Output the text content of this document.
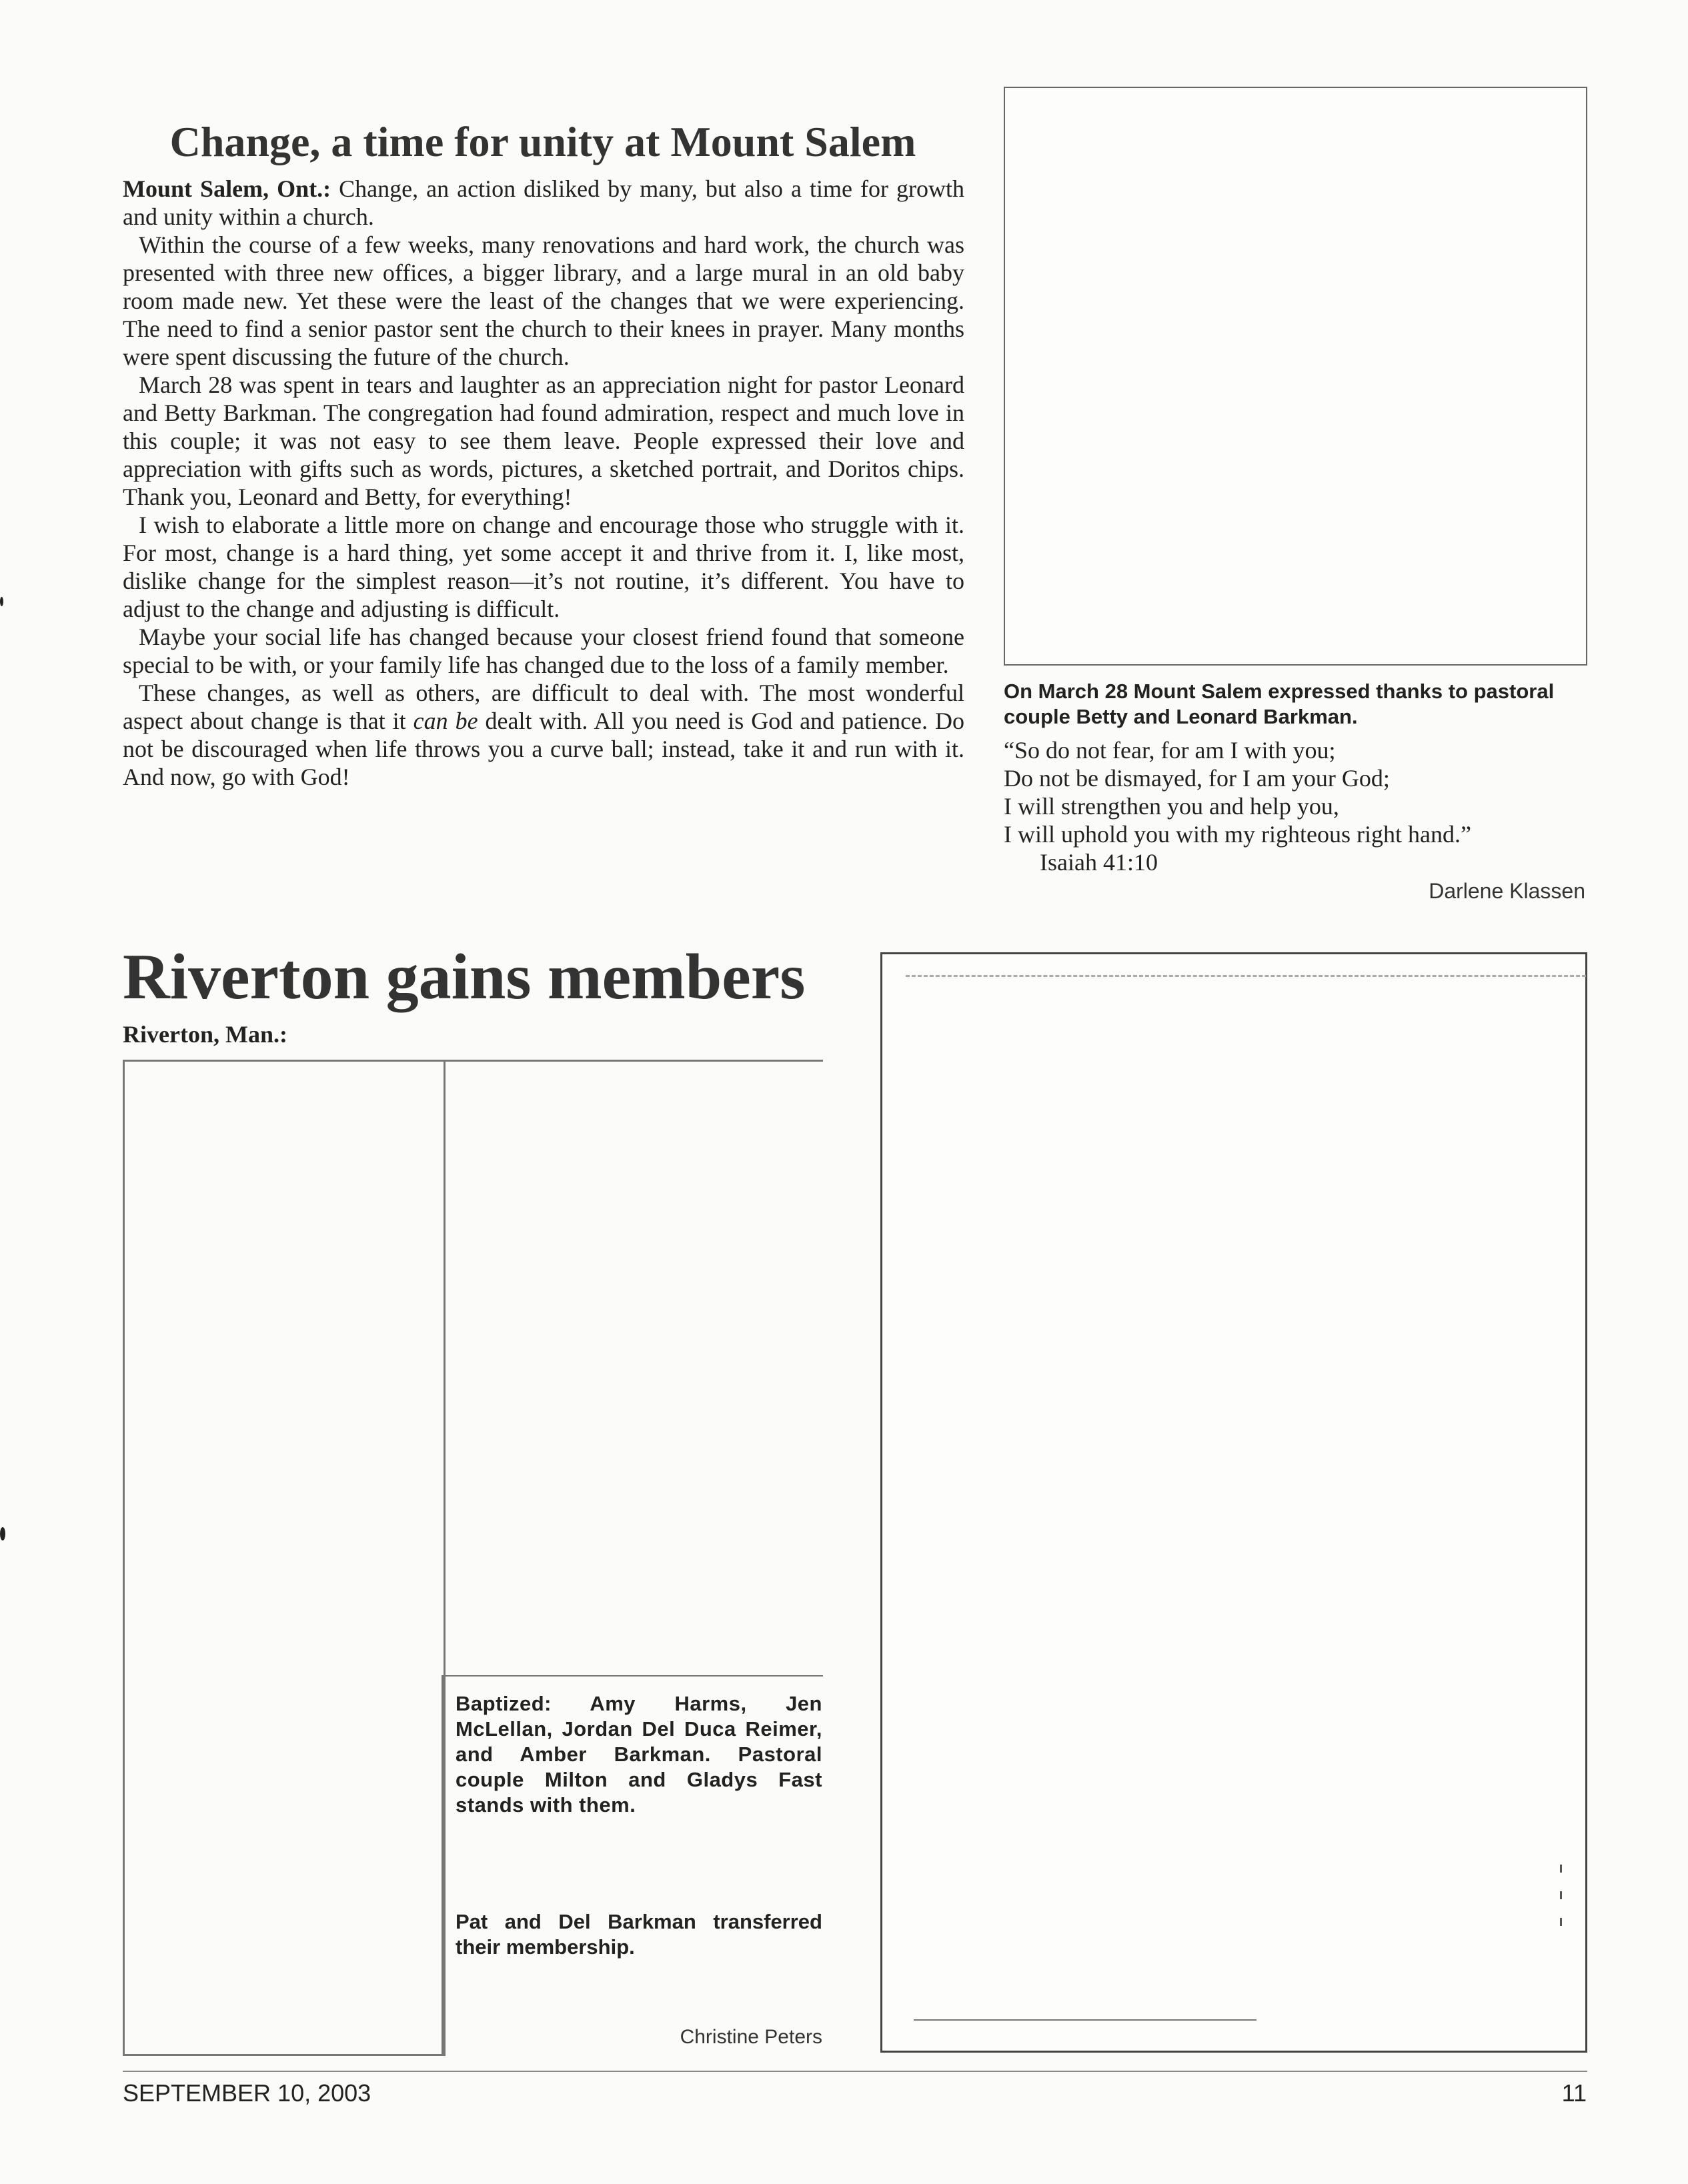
Change, a time for unity at Mount Salem

Mount Salem, Ont.: Change, an action disliked by many, but also a time for growth and unity within a church.

Within the course of a few weeks, many renovations and hard work, the church was presented with three new offices, a bigger library, and a large mural in an old baby room made new. Yet these were the least of the changes that we were experiencing. The need to find a senior pastor sent the church to their knees in prayer. Many months were spent discussing the future of the church.

March 28 was spent in tears and laughter as an appreciation night for pastor Leonard and Betty Barkman. The congregation had found admiration, respect and much love in this couple; it was not easy to see them leave. People expressed their love and appreciation with gifts such as words, pictures, a sketched portrait, and Doritos chips. Thank you, Leonard and Betty, for everything!

I wish to elaborate a little more on change and encourage those who struggle with it. For most, change is a hard thing, yet some accept it and thrive from it. I, like most, dislike change for the simplest reason—it’s not routine, it’s different. You have to adjust to the change and adjusting is difficult.

Maybe your social life has changed because your closest friend found that someone special to be with, or your family life has changed due to the loss of a family member.

These changes, as well as others, are difficult to deal with. The most wonderful aspect about change is that it can be dealt with. All you need is God and patience. Do not be discouraged when life throws you a curve ball; instead, take it and run with it. And now, go with God!

On March 28 Mount Salem expressed thanks to pastoral couple Betty and Leonard Barkman.
“So do not fear, for am I with you;
Do not be dismayed, for I am your God;
I will strengthen you and help you,
I will uphold you with my righteous right hand.”
Isaiah 41:10
Darlene Klassen
Riverton gains members
Riverton, Man.:
Baptized: Amy Harms, Jen McLellan, Jordan Del Duca Reimer, and Amber Barkman. Pastoral couple Milton and Gladys Fast stands with them.
Pat and Del Barkman transferred their membership.
Christine Peters
SEPTEMBER 10, 2003	11
